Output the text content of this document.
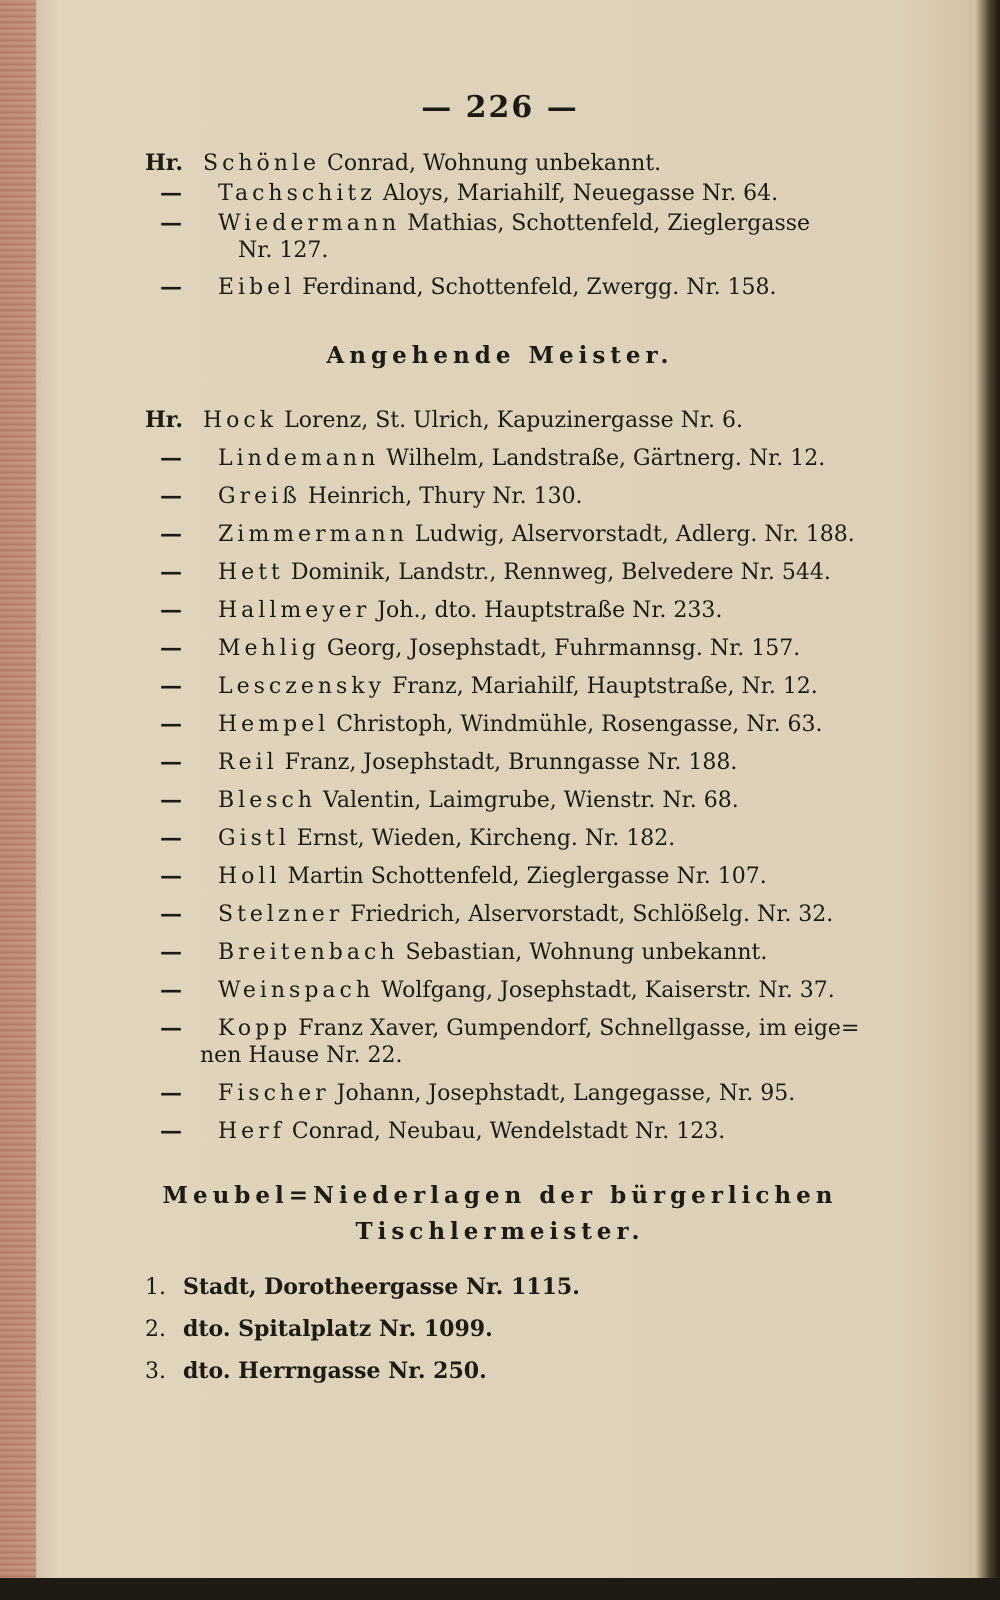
— 226 —
Hr. Schönle Conrad, Wohnung unbekannt.
— Tachschitz Aloys, Mariahilf, Neuegasse Nr. 64.
— Wiedermann Mathias, Schottenfeld, Zieglergasse
Nr. 127.
— Eibel Ferdinand, Schottenfeld, Zwergg. Nr. 158.
Angehende Meister.
Hr. Hock Lorenz, St. Ulrich, Kapuzinergasse Nr. 6.
— Lindemann Wilhelm, Landstraße, Gärtnerg. Nr. 12.
— Greiß Heinrich, Thury Nr. 130.
— Zimmermann Ludwig, Alservorstadt, Adlerg. Nr. 188.
— Hett Dominik, Landstr., Rennweg, Belvedere Nr. 544.
— Hallmeyer Joh., dto. Hauptstraße Nr. 233.
— Mehlig Georg, Josephstadt, Fuhrmannsg. Nr. 157.
— Lesczensky Franz, Mariahilf, Hauptstraße, Nr. 12.
— Hempel Christoph, Windmühle, Rosengasse, Nr. 63.
— Reil Franz, Josephstadt, Brunngasse Nr. 188.
— Blesch Valentin, Laimgrube, Wienstr. Nr. 68.
— Gistl Ernst, Wieden, Kircheng. Nr. 182.
— Holl Martin Schottenfeld, Zieglergasse Nr. 107.
— Stelzner Friedrich, Alservorstadt, Schlößelg. Nr. 32.
— Breitenbach Sebastian, Wohnung unbekannt.
— Weinspach Wolfgang, Josephstadt, Kaiserstr. Nr. 37.
— Kopp Franz Xaver, Gumpendorf, Schnellgasse, im eige=
nen Hause Nr. 22.
— Fischer Johann, Josephstadt, Langegasse, Nr. 95.
— Herf Conrad, Neubau, Wendelstadt Nr. 123.
Meubel=Niederlagen der bürgerlichen
Tischlermeister.
1. Stadt, Dorotheergasse Nr. 1115.
2. dto. Spitalplatz Nr. 1099.
3. dto. Herrngasse Nr. 250.
